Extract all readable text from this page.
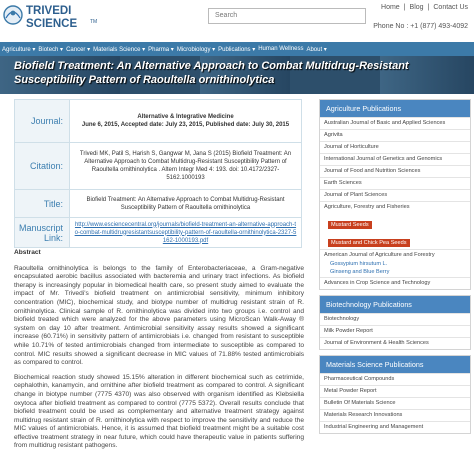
TRIVEDI
SCIENCE	TM
Search
Home | Blog | Contact Us
Phone No : +1 (877) 493-4092
Agriculture ▾ Biotech ▾ Cancer ▾ Materials Science ▾ Pharma ▾ Microbiology ▾ Publications ▾ Human Wellness About ▾
Biofield Treatment: An Alternative Approach to Combat Multidrug-Resistant Susceptibility Pattern of Raoultella ornithinolytica
Journal:	Alternative & Integrative Medicine
June 6, 2015, Accepted date: July 23, 2015, Published date: July 30, 2015

Citation:	Trivedi MK, Patil S, Harish S, Gangwar M, Jana S (2015) Biofield Treatment: An Alternative Approach to Combat Multidrug-Resistant Susceptibility Pattern of Raoultella ornithinolytica . Altern Integr Med 4: 193. doi: 10.4172/2327-5162.1000193
Title:	Biofield Treatment: An Alternative Approach to Combat Multidrug-Resistant Susceptibility Pattern of Raoultella ornithinolytica
Manuscript Link:	http://www.esciencecentral.org/journals/biofield-treatment-an-alternative-approach-to-combat-multidrugresistantsusceptibility-pattern-of-raoultella-ornithinolytica-2327-5162-1000193.pdf
Abstract

Raoultella ornithinolytica is belongs to the family of Enterobacteriaceae, a Gram-negative encapsulated aerobic bacillus associated with bacteremia and urinary tract infections. As biofield therapy is increasingly popular in biomedical health care, so present study aimed to evaluate the impact of Mr. Trivedi's biofield treatment on antimicrobial sensitivity, minimum inhibitory concentration (MIC), biochemical study, and biotype number of multidrug resistant strain of R. ornithinolytica. Clinical sample of R. ornithinolytica was divided into two groups i.e. control and biofield treated which were analyzed for the above parameters using MicroScan Walk-Away ® system on day 10 after treatment. Antimicrobial sensitivity assay results showed a significant increase (60.71%) in sensitivity pattern of antimicrobials i.e. changed from resistant to susceptible while 10.71% of tested antimicrobials changed from intermediate to susceptible as compared to control. MIC results showed a significant decrease in MIC values of 71.88% tested antimicrobials as compared to control.

Biochemical reaction study showed 15.15% alteration in different biochemical such as cetrimide, cephalothin, kanamycin, and ornithine after biofield treatment as compared to control. A significant change in biotype number (7775 4370) was also observed with organism identified as Klebsiella oxytoca after biofield treatment as compared to control (7775 5372). Overall results conclude that biofield treatment could be used as complementary and alternative treatment strategy against multidrug resistant strain of R. ornithinolytica with respect to improve the sensitivity and reduce the MIC values of antimicrobials. Hence, it is assumed that biofield treatment might be a suitable cost effective treatment strategy in near future, which could have therapeutic value in patients suffering from multidrug resistant pathogens.

Agriculture Publications
Australian Journal of Basic and Applied Sciences
Agrivita
Journal of Horticulture
International Journal of Genetics and Genomics
Journal of Food and Nutrition Sciences
Earth Sciences
Journal of Plant Sciences
Agriculture, Forestry and Fisheries
Mustard Seeds
Mustard and Chick Pea Seeds
American Journal of Agriculture and Forestry
Gossypium hirsutum L.
Ginseng and Blue Berry
Advances in Crop Science and Technology
Biotechnology Publications
Biotechnology
Milk Powder Report
Journal of Environment & Health Sciences
Materials Science Publications
Pharmaceutical Compounds
Metal Powder Report
Bulletin Of Materials Science
Materials Research Innovations
Industrial Engineering and Management
